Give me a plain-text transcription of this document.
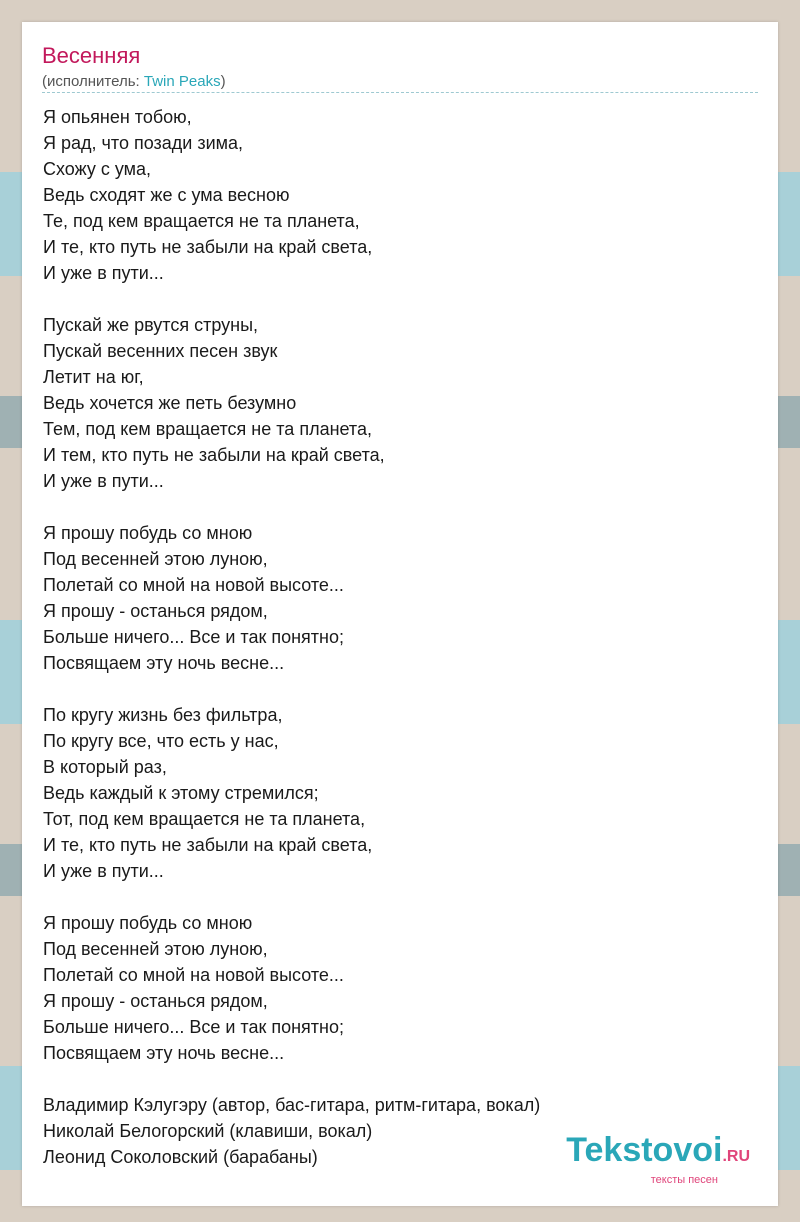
Весенняя
(исполнитель: Twin Peaks)
Я опьянен тобою,
Я рад, что позади зима,
Схожу с ума,
Ведь сходят же с ума весною
Те, под кем вращается не та планета,
И те, кто путь не забыли на край света,
И уже в пути...
Пускай же рвутся струны,
Пускай весенних песен звук
Летит на юг,
Ведь хочется же петь безумно
Тем, под кем вращается не та планета,
И тем, кто путь не забыли на край света,
И уже в пути...
Я прошу побудь со мною
Под весенней этою луною,
Полетай со мной на новой высоте...
Я прошу - останься рядом,
Больше ничего... Все и так понятно;
Посвящаем эту ночь весне...
По кругу жизнь без фильтра,
По кругу все, что есть у нас,
В который раз,
Ведь каждый к этому стремился;
Тот, под кем вращается не та планета,
И те, кто путь не забыли на край света,
И уже в пути...
Я прошу побудь со мною
Под весенней этою луною,
Полетай со мной на новой высоте...
Я прошу - останься рядом,
Больше ничего... Все и так понятно;
Посвящаем эту ночь весне...
Владимир Кэлугэру (автор, бас-гитара, ритм-гитара, вокал)
Николай Белогорский (клавиши, вокал)
Леонид Соколовский (барабаны)	Tekstovoi.RU
тексты песен
